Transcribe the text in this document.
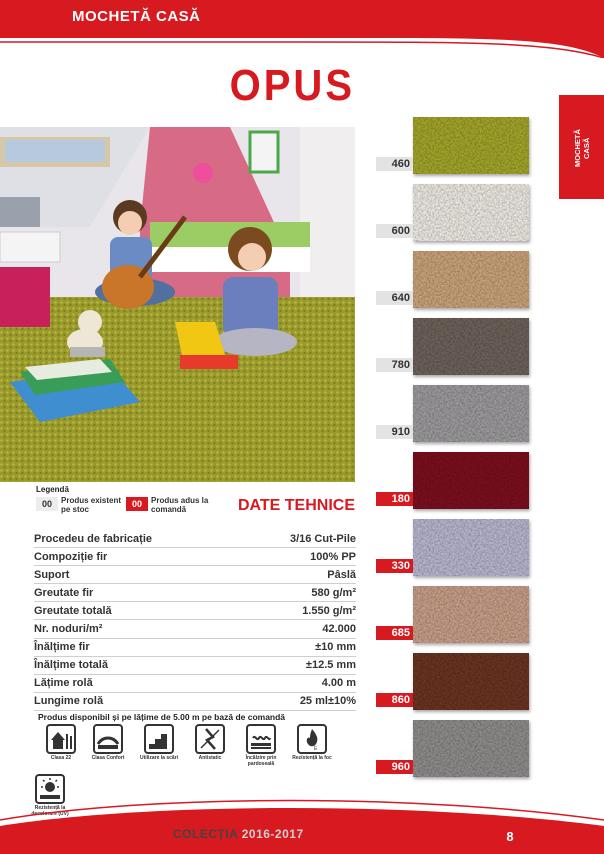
MOCHETĂ CASĂ
OPUS
MOCHETĂ
CASĂ
Legendă
00	Produs existent pe stoc
00	Produs adus la comandă	DATE TEHNICE
Procedeu de fabricație	3/16 Cut-Pile
Compoziție fir	100% PP
Suport	Pâslă
Greutate fir	580 g/m²
Greutate totală	1.550 g/m²
Nr. noduri/m²	42.000
Înălțime fir	±10 mm
Înălțime totală	±12.5 mm
Lățime rolă	4.00 m
Lungime rolă	25 ml±10%
Produs disponibil și pe lățime de 5.00 m pe bază de comandă
Clasa 22	Clasa Confort	Utilizare la scări	Antistatic	Încălzire prin pardoseală
E
Rezistență la foc
Rezistență la decolorare (UV)
460
600
640
780
910
180
330
685
860
960
COLECȚIA 2016-2017	8
